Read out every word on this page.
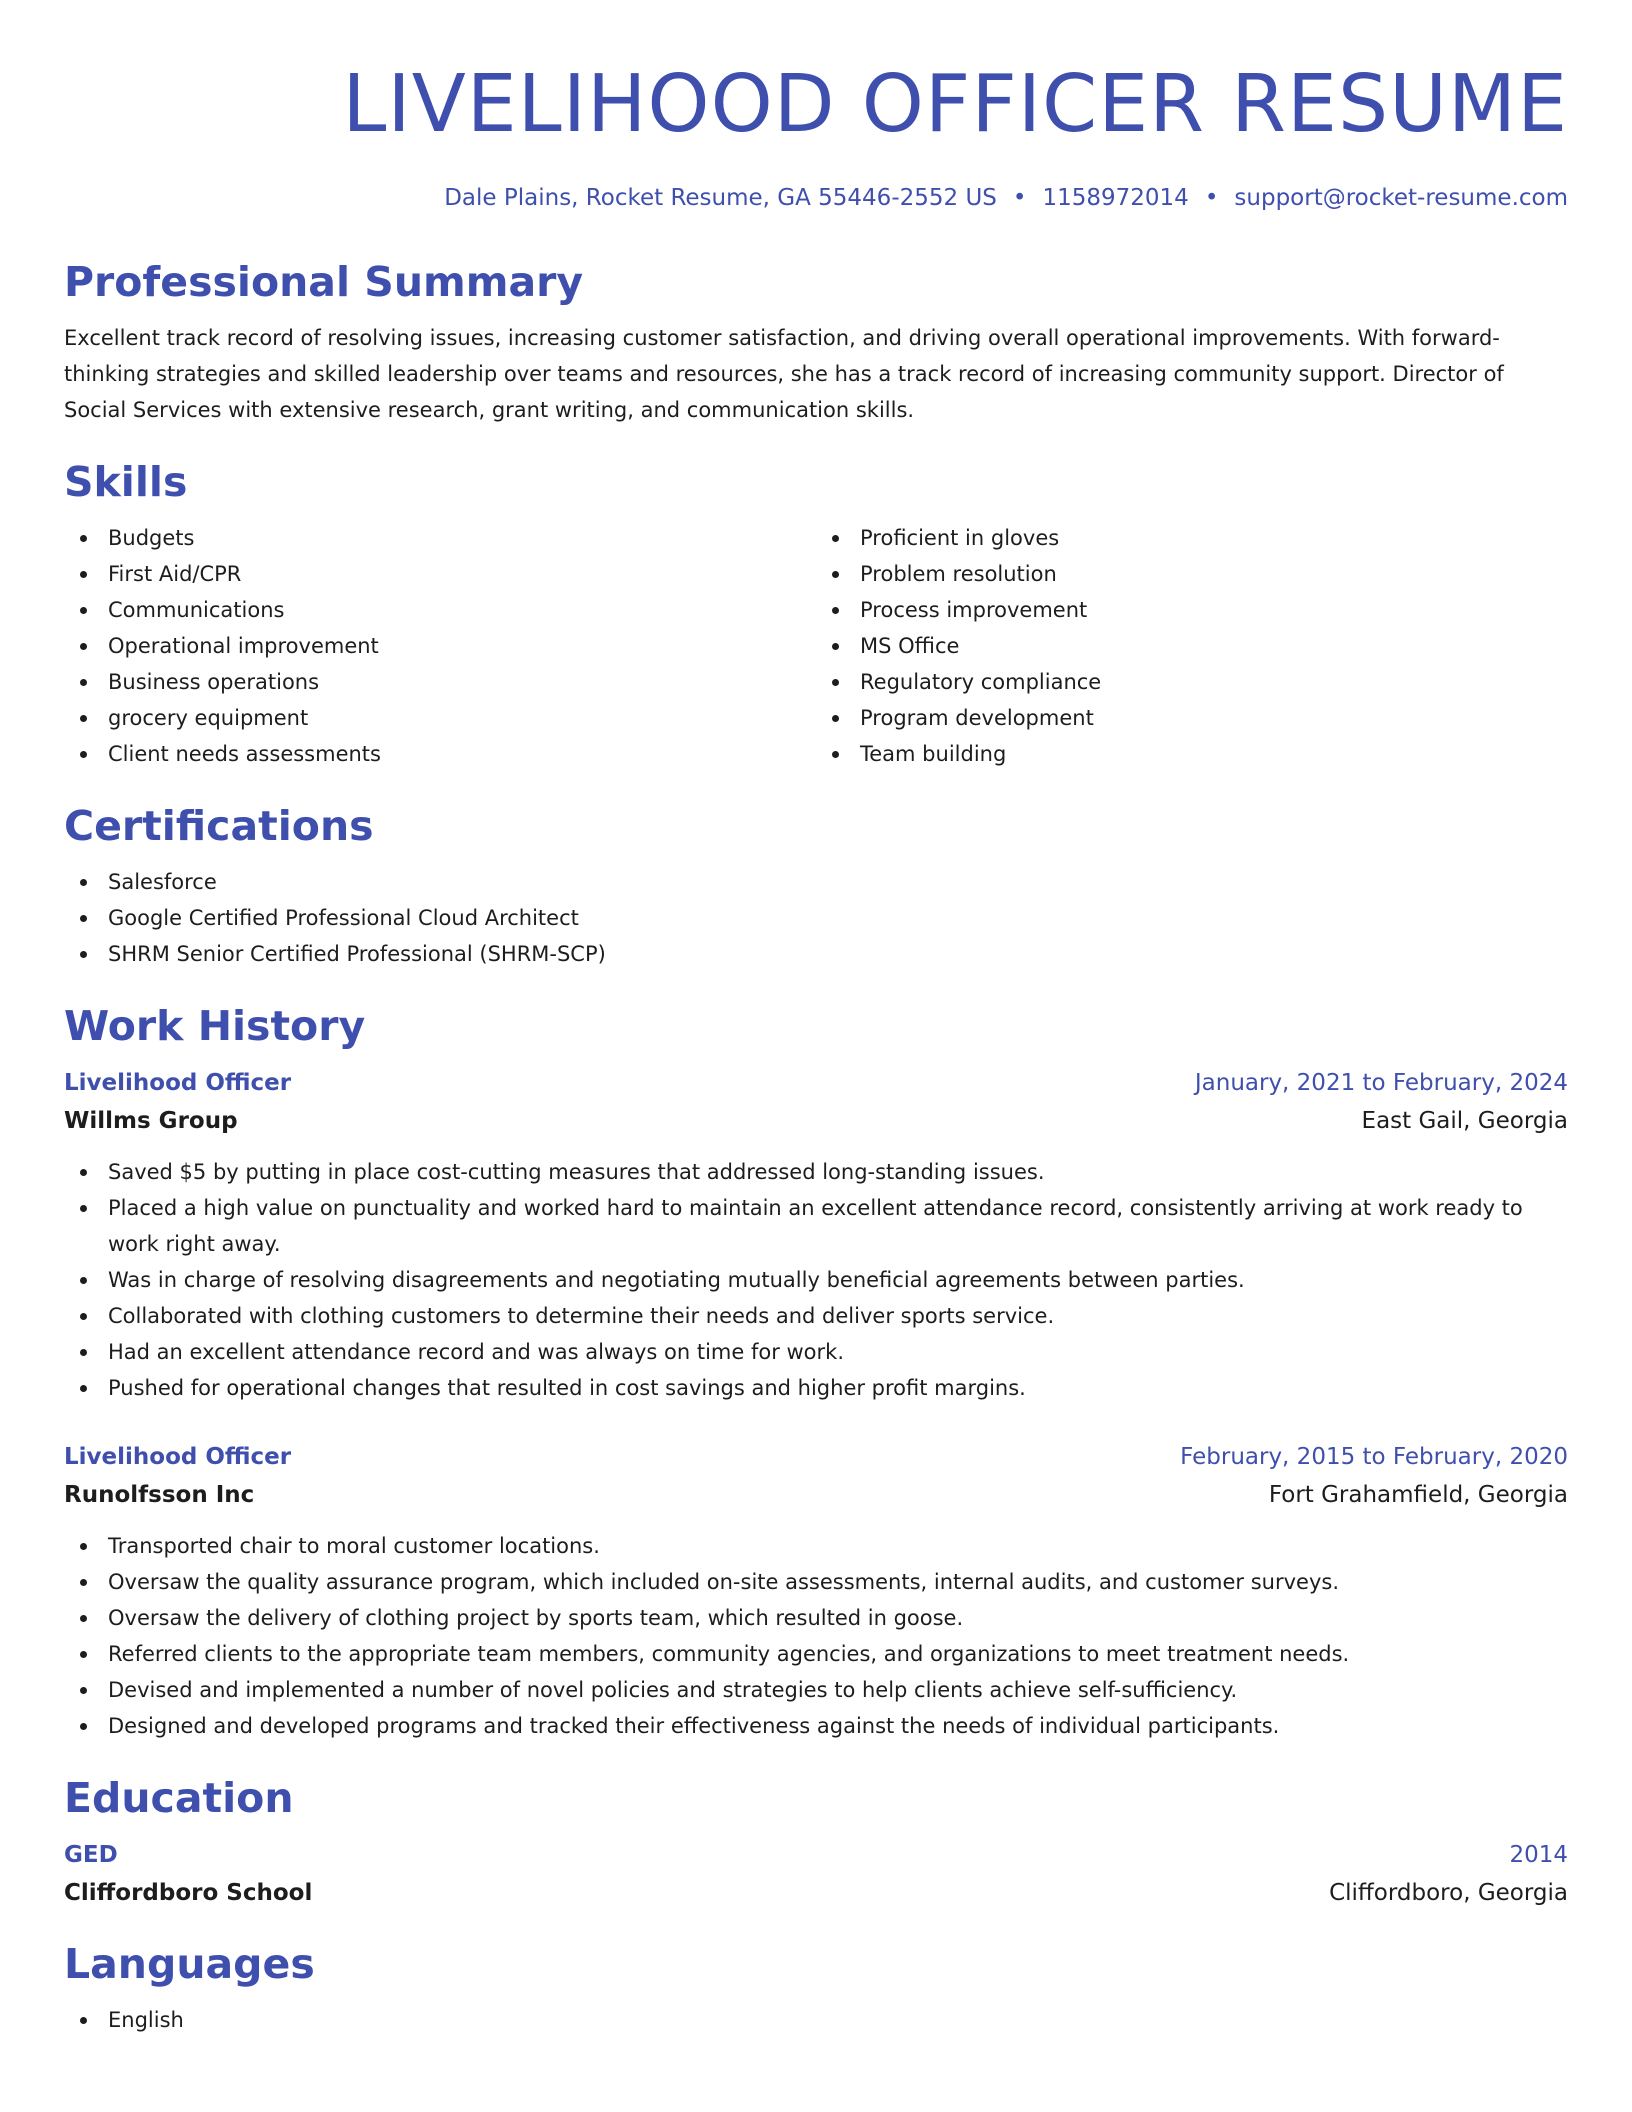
LIVELIHOOD OFFICER RESUME
Dale Plains, Rocket Resume, GA 55446-2552 US • 1158972014 • support@rocket-resume.com
Professional Summary

Excellent track record of resolving issues, increasing customer satisfaction, and driving overall operational improvements. With forward-thinking strategies and skilled leadership over teams and resources, she has a track record of increasing community support. Director of Social Services with extensive research, grant writing, and communication skills.

Skills
Budgets
First Aid/CPR
Communications
Operational improvement
Business operations
grocery equipment
Client needs assessments
Proficient in gloves
Problem resolution
Process improvement
MS Office
Regulatory compliance
Program development
Team building
Certifications
Salesforce
Google Certified Professional Cloud Architect
SHRM Senior Certified Professional (SHRM-SCP)
Work History
Livelihood Officer	January, 2021 to February, 2024
Willms Group	East Gail, Georgia
Saved $5 by putting in place cost-cutting measures that addressed long-standing issues.
Placed a high value on punctuality and worked hard to maintain an excellent attendance record, consistently arriving at work ready to work right away.
Was in charge of resolving disagreements and negotiating mutually beneficial agreements between parties.
Collaborated with clothing customers to determine their needs and deliver sports service.
Had an excellent attendance record and was always on time for work.
Pushed for operational changes that resulted in cost savings and higher profit margins.
Livelihood Officer	February, 2015 to February, 2020
Runolfsson Inc	Fort Grahamfield, Georgia
Transported chair to moral customer locations.
Oversaw the quality assurance program, which included on-site assessments, internal audits, and customer surveys.
Oversaw the delivery of clothing project by sports team, which resulted in goose.
Referred clients to the appropriate team members, community agencies, and organizations to meet treatment needs.
Devised and implemented a number of novel policies and strategies to help clients achieve self-sufficiency.
Designed and developed programs and tracked their effectiveness against the needs of individual participants.
Education
GED	2014
Cliffordboro School	Cliffordboro, Georgia
Languages
English
